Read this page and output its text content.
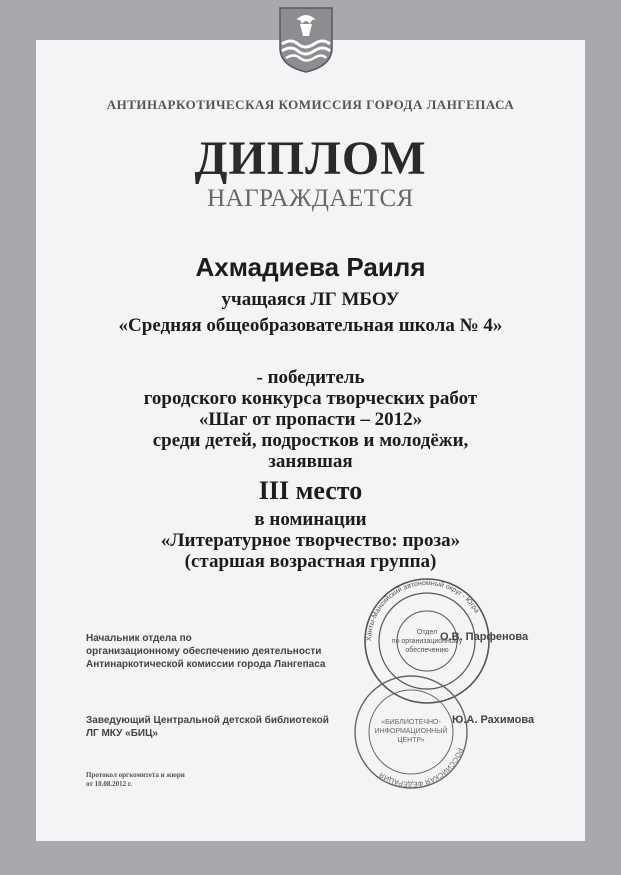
АНТИНАРКОТИЧЕСКАЯ КОМИССИЯ ГОРОДА ЛАНГЕПАСА
ДИПЛОМ
НАГРАЖДАЕТСЯ
Ахмадиева Раиля
учащаяся ЛГ МБОУ
«Средняя общеобразовательная школа № 4»
- победитель
городского конкурса творческих работ
«Шаг от пропасти – 2012»
среди детей, подростков и молодёжи,
занявшая
III место
в номинации
«Литературное творчество: проза»
(старшая возрастная группа)
Ханты-Мансийский автономный округ - Югра
Отдел
по организационному
обеспечению
РОССИЙСКАЯ ФЕДЕРАЦИЯ
«БИБЛИОТЕЧНО-
ИНФОРМАЦИОННЫЙ
ЦЕНТР»
Начальник отдела по
организационному обеспечению деятельности
Антинаркотической комиссии города Лангепаса
О.В. Парфенова
Заведующий Центральной детской библиотекой
ЛГ МКУ «БИЦ»
Ю.А. Рахимова
Протокол оргкомитета и жюри
от 10.08.2012 г.
